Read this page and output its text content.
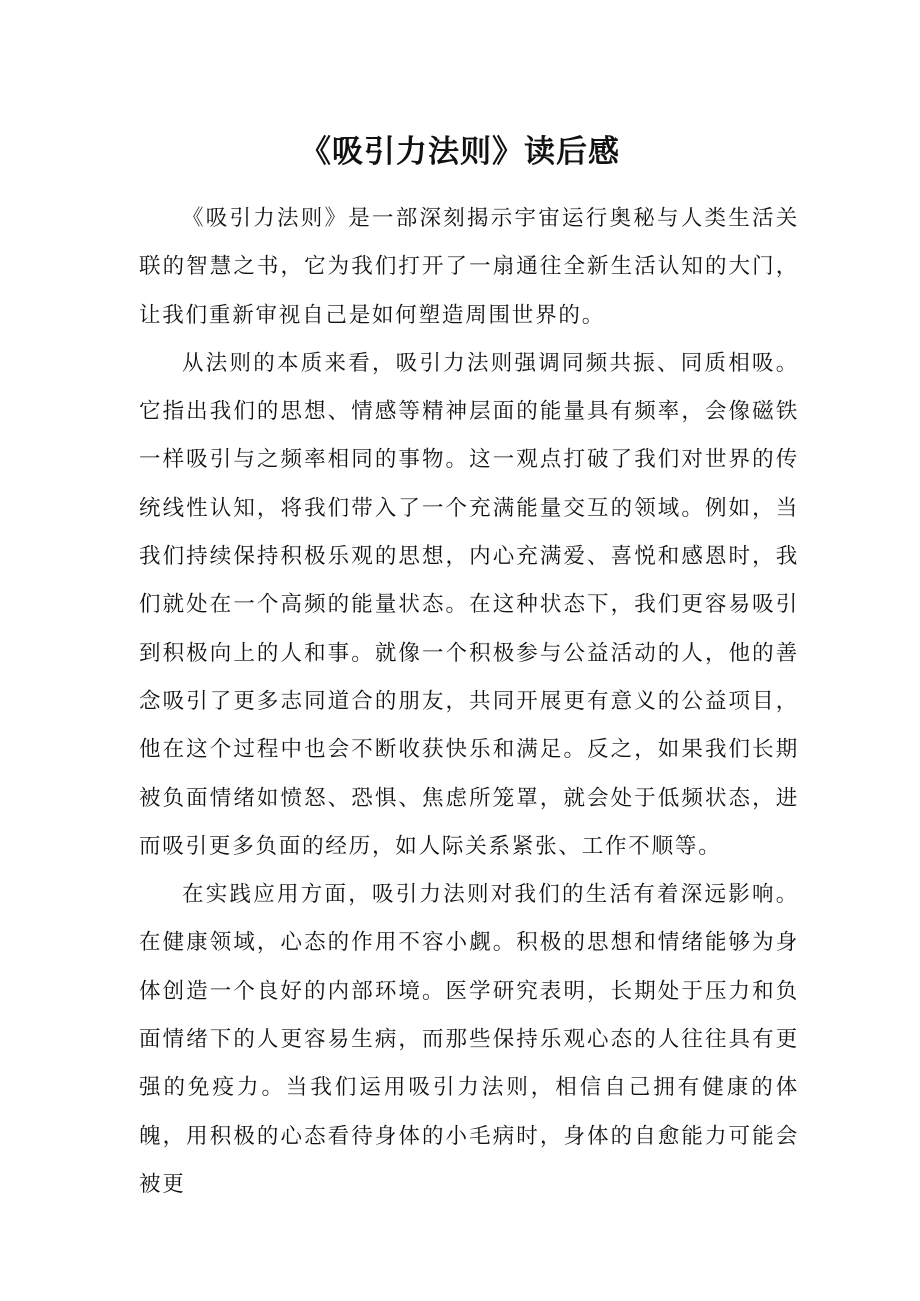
《吸引力法则》读后感

《吸引力法则》是一部深刻揭示宇宙运行奥秘与人类生活关联的智慧之书，它为我们打开了一扇通往全新生活认知的大门，让我们重新审视自己是如何塑造周围世界的。

从法则的本质来看，吸引力法则强调同频共振、同质相吸。它指出我们的思想、情感等精神层面的能量具有频率，会像磁铁一样吸引与之频率相同的事物。这一观点打破了我们对世界的传统线性认知，将我们带入了一个充满能量交互的领域。例如，当我们持续保持积极乐观的思想，内心充满爱、喜悦和感恩时，我们就处在一个高频的能量状态。在这种状态下，我们更容易吸引到积极向上的人和事。就像一个积极参与公益活动的人，他的善念吸引了更多志同道合的朋友，共同开展更有意义的公益项目，他在这个过程中也会不断收获快乐和满足。反之，如果我们长期被负面情绪如愤怒、恐惧、焦虑所笼罩，就会处于低频状态，进而吸引更多负面的经历，如人际关系紧张、工作不顺等。

在实践应用方面，吸引力法则对我们的生活有着深远影响。在健康领域，心态的作用不容小觑。积极的思想和情绪能够为身体创造一个良好的内部环境。医学研究表明，长期处于压力和负面情绪下的人更容易生病，而那些保持乐观心态的人往往具有更强的免疫力。当我们运用吸引力法则，相信自己拥有健康的体魄，用积极的心态看待身体的小毛病时，身体的自愈能力可能会被更
